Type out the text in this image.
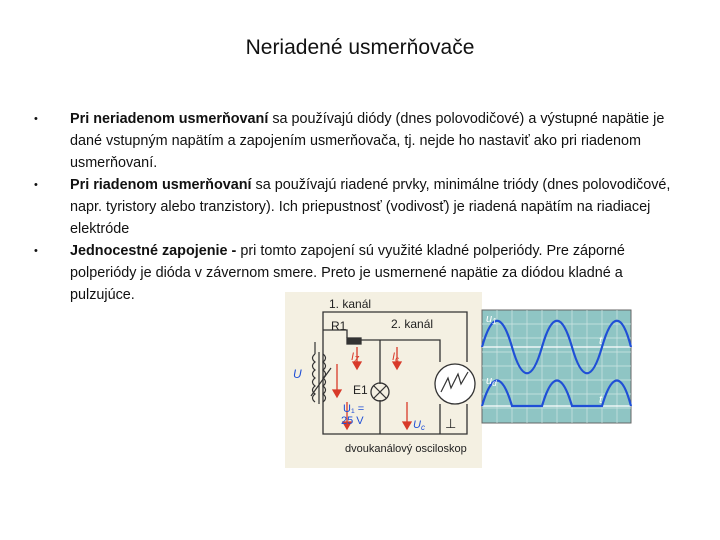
Neriadené usmerňovače
• Pri neriadenom usmerňovaní sa používajú diódy (dnes polovodičové) a výstupné napätie je dané vstupným napätím a zapojením usmerňovača, tj. nejde ho nastaviť ako pri riadenom usmerňovaní.
• Pri riadenom usmerňovaní sa používajú riadené prvky, minimálne triódy (dnes polovodičové, napr. tyristory alebo tranzistory). Ich priepustnosť (vodivosť) je riadená napätím na riadiacej elektróde
• Jednocestné zapojenie - pri tomto zapojení sú využité kladné polperiódy. Pre záporné polperiódy je dióda v závernom smere. Preto je usmernené napätie za diódou kladné a pulzujúce.
1. kanál
2. kanál
R1
IZ	Ic
U
E1
U₁ =
25 V	Uc ⊥
dvoukanálový osciloskop
u1
ud
t
t
